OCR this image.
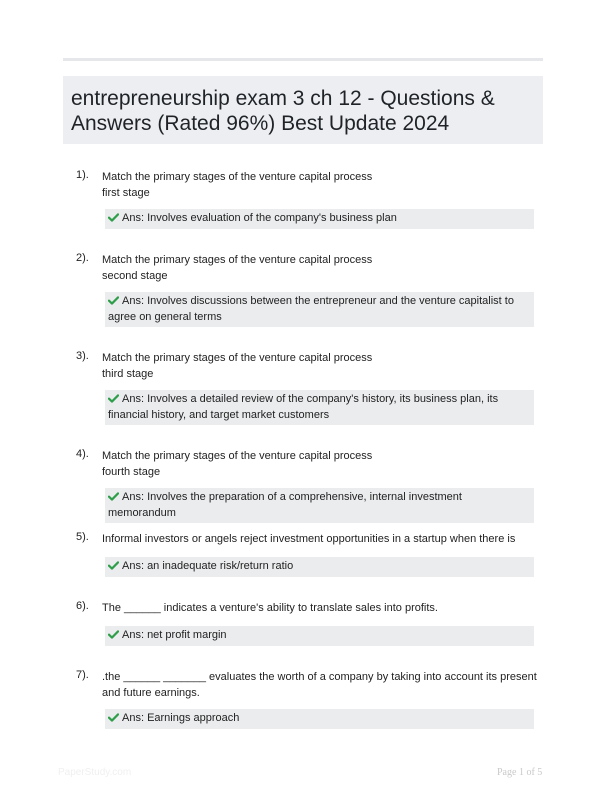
entrepreneurship exam 3 ch 12 - Questions & Answers (Rated 96%) Best Update 2024
1). Match the primary stages of the venture capital process
first stage
Ans: Involves evaluation of the company's business plan
2). Match the primary stages of the venture capital process
second stage
Ans: Involves discussions between the entrepreneur and the venture capitalist to agree on general terms
3). Match the primary stages of the venture capital process
third stage
Ans: Involves a detailed review of the company's history, its business plan, its financial history, and target market customers
4). Match the primary stages of the venture capital process
fourth stage
Ans: Involves the preparation of a comprehensive, internal investment memorandum
5). Informal investors or angels reject investment opportunities in a startup when there is
Ans: an inadequate risk/return ratio
6). The ______ indicates a venture's ability to translate sales into profits.
Ans: net profit margin
7). .the ______ _______ evaluates the worth of a company by taking into account its present and future earnings.
Ans: Earnings approach
PaperStudy.com	Page 1 of 5
